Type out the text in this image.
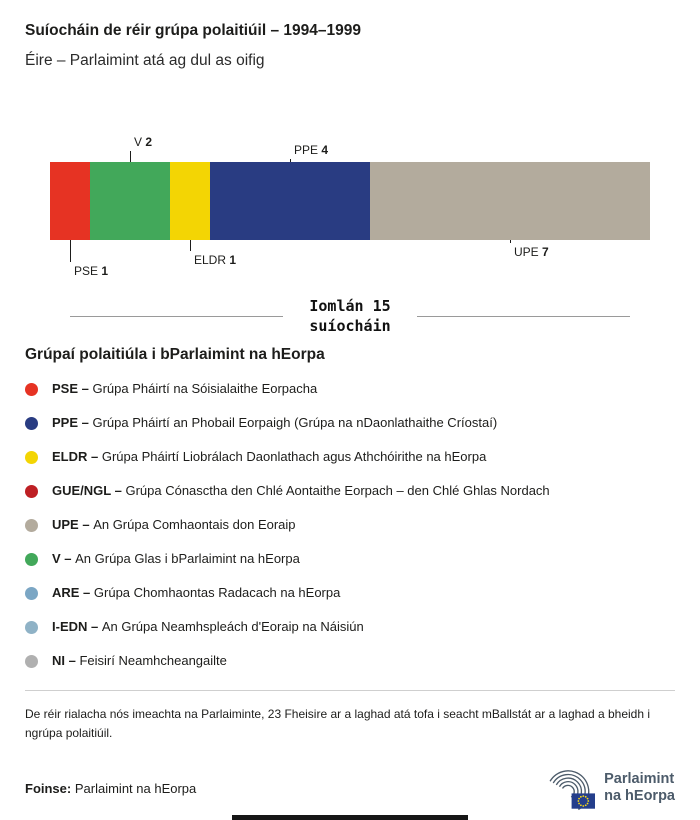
Suíocháin de réir grúpa polaitiúil – 1994–1999
Éire – Parlaimint atá ag dul as oifig
PSE 1
V 2
ELDR 1
PPE 4
UPE 7
Iomlán 15
suíocháin
Grúpaí polaitiúla i bParlaimint na hEorpa
PSE – Grúpa Pháirtí na Sóisialaithe Eorpacha
PPE – Grúpa Pháirtí an Phobail Eorpaigh (Grúpa na nDaonlathaithe Críostaí)
ELDR – Grúpa Pháirtí Liobrálach Daonlathach agus Athchóirithe na hEorpa
GUE/NGL – Grúpa Cónasctha den Chlé Aontaithe Eorpach – den Chlé Ghlas Nordach
UPE – An Grúpa Comhaontais don Eoraip
V – An Grúpa Glas i bParlaimint na hEorpa
ARE – Grúpa Chomhaontas Radacach na hEorpa
I-EDN – An Grúpa Neamhspleách d'Eoraip na Náisiún
NI – Feisirí Neamhcheangailte

De réir rialacha nós imeachta na Parlaiminte, 23 Fheisire ar a laghad atá tofa i seacht mBallstát ar a laghad a bheidh i ngrúpa polaitiúil.

Foinse: Parlaimint na hEorpa

Parlaimint
na hEorpa
